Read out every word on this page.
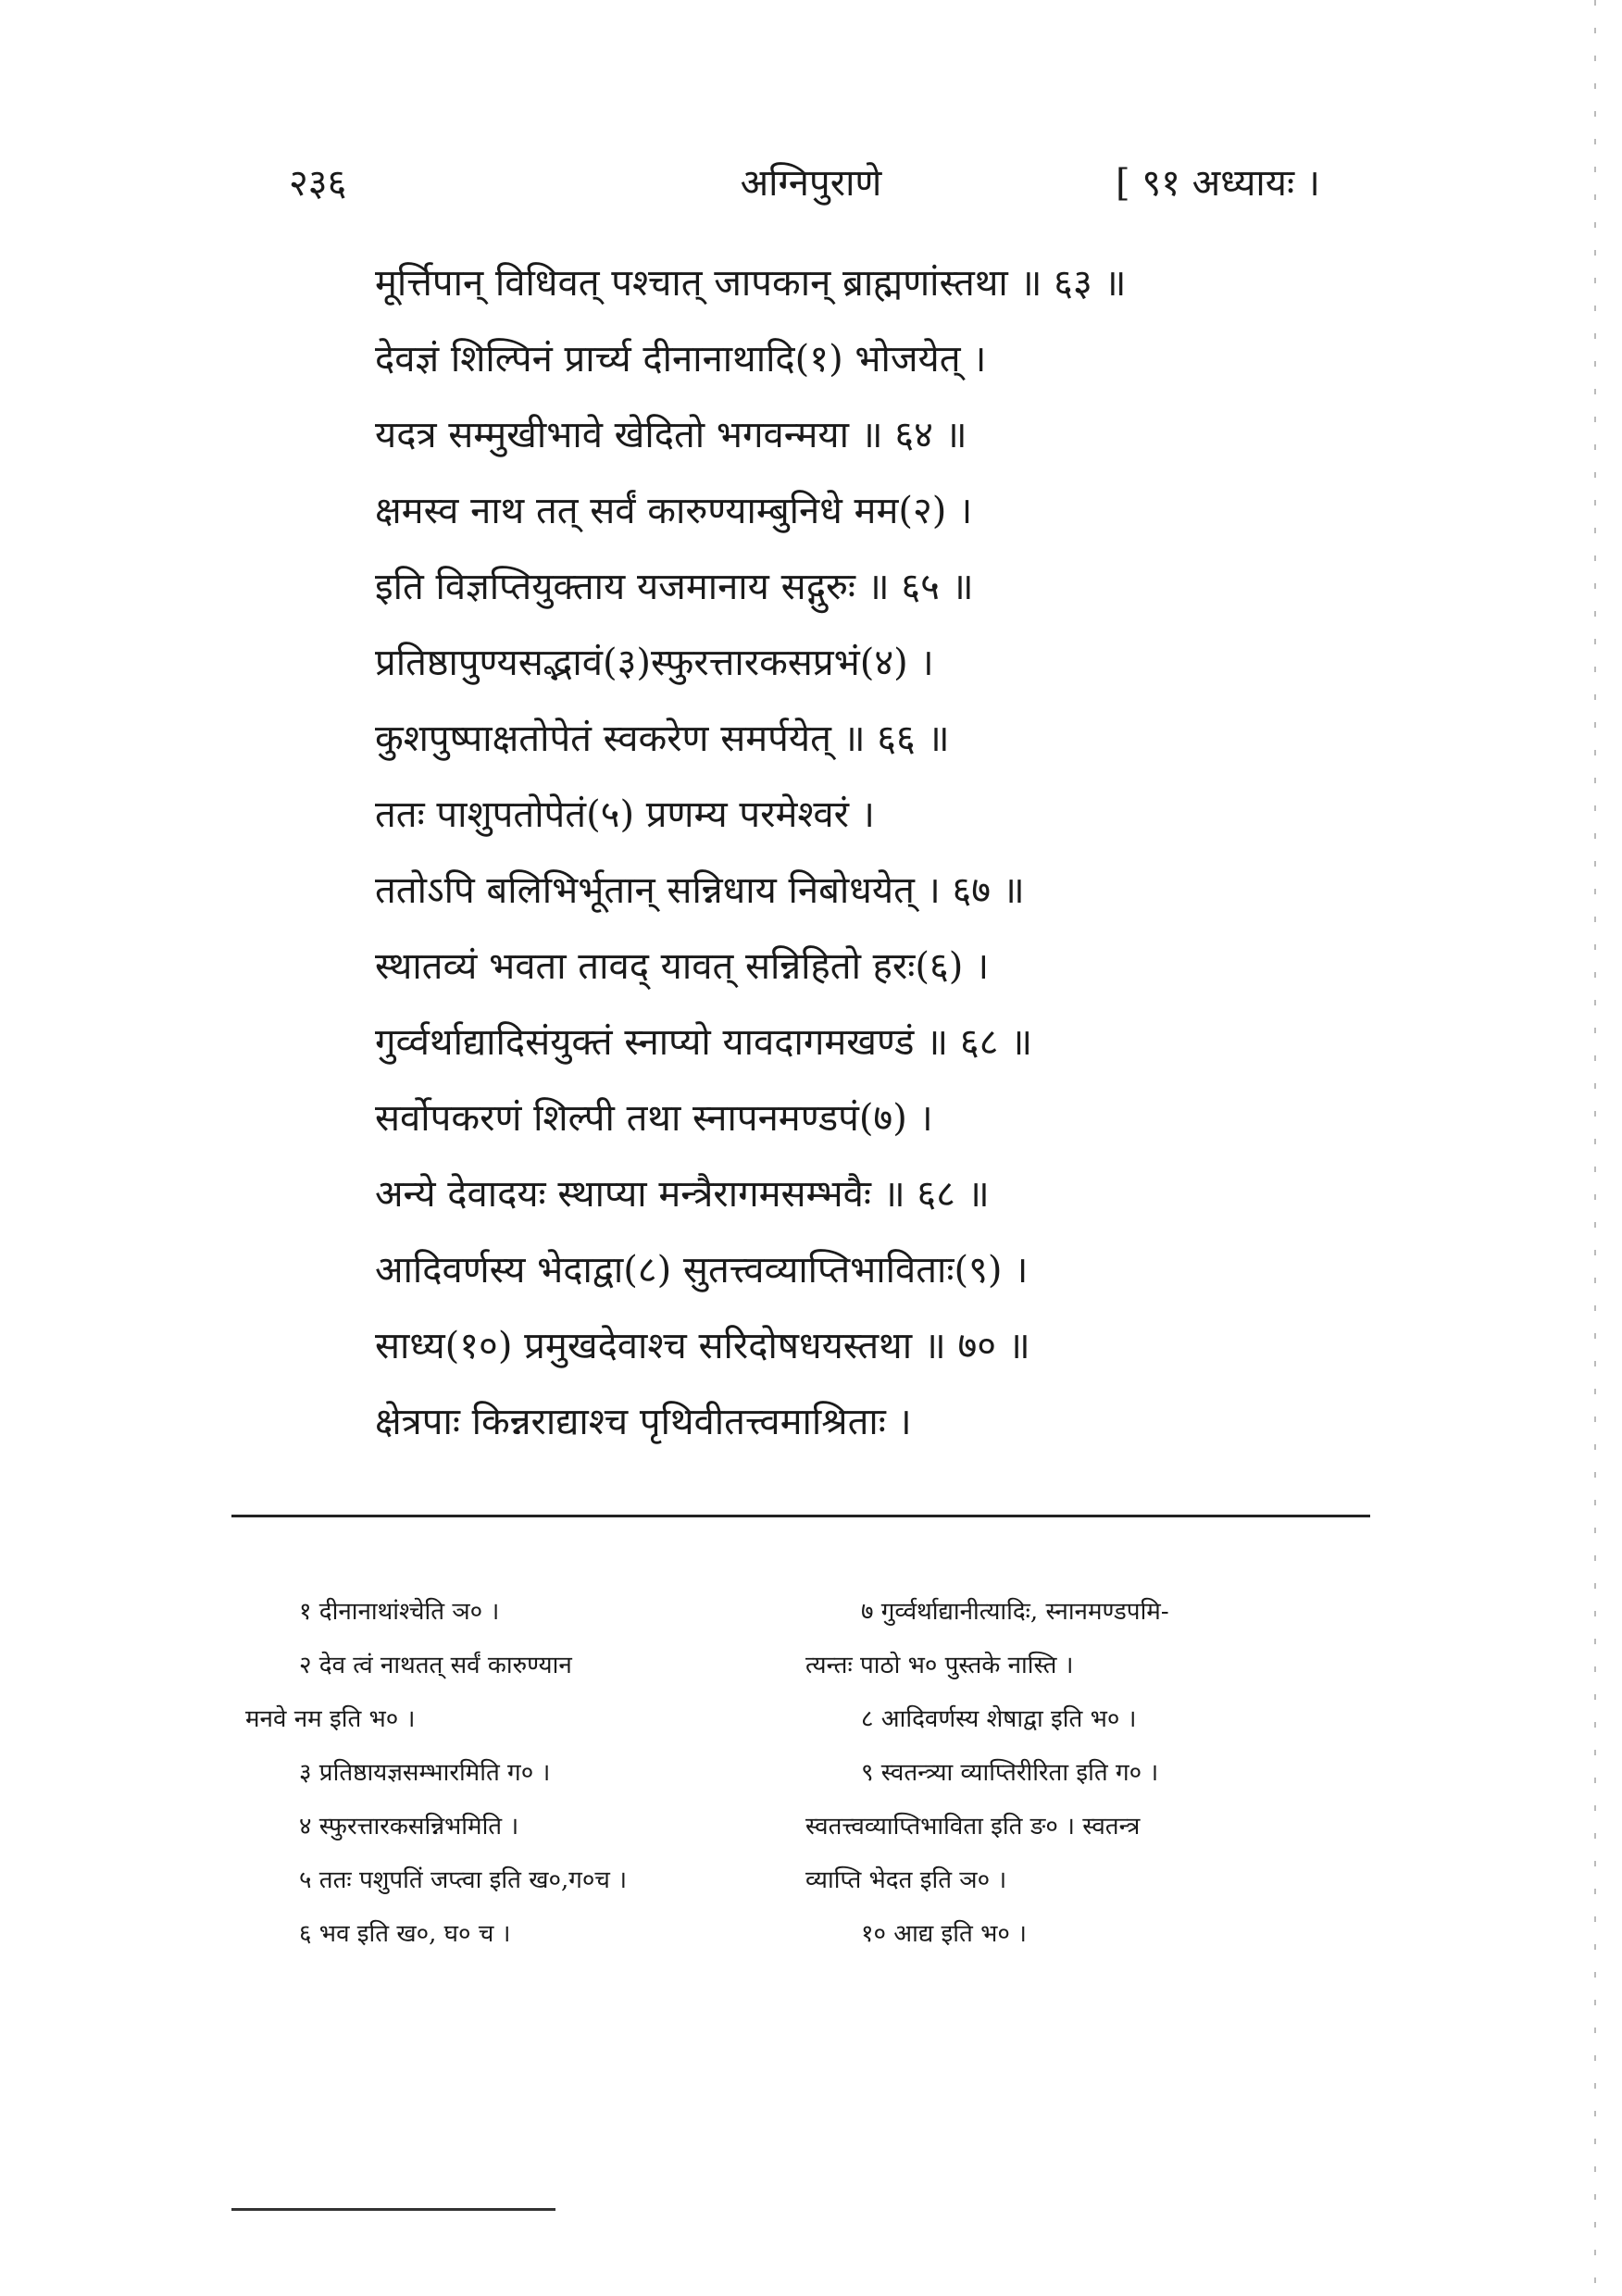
२३६	अग्निपुराणे	[ ९१ अध्यायः ।
मूर्त्तिपान् विधिवत् पश्चात् जापकान् ब्राह्मणांस्तथा ॥ ६३ ॥
देवज्ञं शिल्पिनं प्रार्च्य दीनानाथादि(१) भोजयेत् ।
यदत्र सम्मुखीभावे खेदितो भगवन्मया ॥ ६४ ॥
क्षमस्व नाथ तत् सर्वं कारुण्याम्बुनिधे मम(२) ।
इति विज्ञप्तियुक्ताय यजमानाय सद्गुरुः ॥ ६५ ॥
प्रतिष्ठापुण्यसद्भावं(३)स्फुरत्तारकसप्रभं(४) ।
कुशपुष्पाक्षतोपेतं स्वकरेण समर्पयेत् ॥ ६६ ॥
ततः पाशुपतोपेतं(५) प्रणम्य परमेश्वरं ।
ततोऽपि बलिभिर्भूतान् सन्निधाय निबोधयेत् । ६७ ॥
स्थातव्यं भवता तावद् यावत् सन्निहितो हरः(६) ।
गुर्व्वर्थाद्यादिसंयुक्तं स्नाप्यो यावदागमखण्डं ॥ ६८ ॥
सर्वोपकरणं शिल्पी तथा स्नापनमण्डपं(७) ।
अन्ये देवादयः स्थाप्या मन्त्रैरागमसम्भवैः ॥ ६८ ॥
आदिवर्णस्य भेदाद्वा(८) सुतत्त्वव्याप्तिभाविताः(९) ।
साध्य(१०) प्रमुखदेवाश्च सरिदोषधयस्तथा ॥ ७० ॥
क्षेत्रपाः किन्नराद्याश्च पृथिवीतत्त्वमाश्रिताः ।
१ दीनानाथांश्चेति ञ० ।
२ देव त्वं नाथतत् सर्वं कारुण्यान
मनवे नम इति भ० ।
३ प्रतिष्ठायज्ञसम्भारमिति ग० ।
४ स्फुरत्तारकसन्निभमिति ।
५ ततः पशुपतिं जप्त्वा इति ख०,ग०च ।
६ भव इति ख०, घ० च ।
७ गुर्व्वर्थाद्यानीत्यादिः, स्नानमण्डपमि-
त्यन्तः पाठो भ० पुस्तके नास्ति ।
८ आदिवर्णस्य शेषाद्वा इति भ० ।
९ स्वतन्त्र्या व्याप्तिरीरिता इति ग० ।
स्वतत्त्वव्याप्तिभाविता इति ङ० । स्वतन्त्र
व्याप्ति भेदत इति ञ० ।
१० आद्य इति भ० ।
